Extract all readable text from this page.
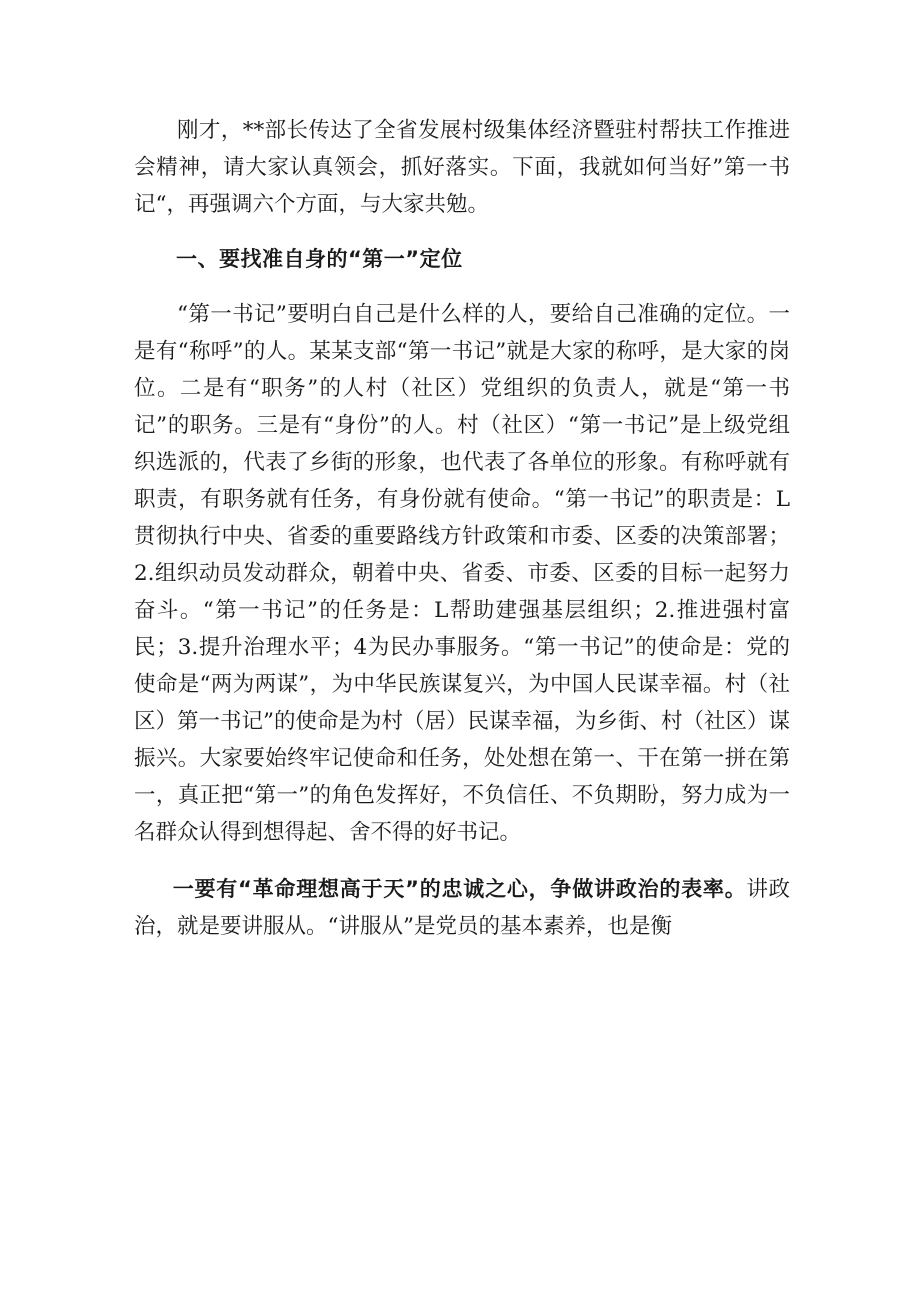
刚才，**部长传达了全省发展村级集体经济暨驻村帮扶工作推进会精神，请大家认真领会，抓好落实。下面，我就如何当好”第一书记“，再强调六个方面，与大家共勉。

一、要找准自身的“第一”定位

“第一书记”要明白自己是什么样的人，要给自己准确的定位。一是有“称呼”的人。某某支部“第一书记”就是大家的称呼，是大家的岗位。二是有“职务”的人村（社区）党组织的负责人，就是“第一书记”的职务。三是有“身份”的人。村（社区）“第一书记”是上级党组织选派的，代表了乡街的形象，也代表了各单位的形象。有称呼就有职责，有职务就有任务，有身份就有使命。“第一书记”的职责是：L贯彻执行中央、省委的重要路线方针政策和市委、区委的决策部署；2.组织动员发动群众，朝着中央、省委、市委、区委的目标一起努力奋斗。“第一书记”的任务是：L帮助建强基层组织；2.推进强村富民；3.提升治理水平；4为民办事服务。“第一书记”的使命是：党的使命是“两为两谋”，为中华民族谋复兴，为中国人民谋幸福。村（社区）第一书记”的使命是为村（居）民谋幸福，为乡街、村（社区）谋振兴。大家要始终牢记使命和任务，处处想在第一、干在第一拼在第一，真正把“第一”的角色发挥好，不负信任、不负期盼，努力成为一名群众认得到想得起、舍不得的好书记。

一要有“革命理想高于天”的忠诚之心，争做讲政治的表率。讲政治，就是要讲服从。“讲服从”是党员的基本素养，也是衡
